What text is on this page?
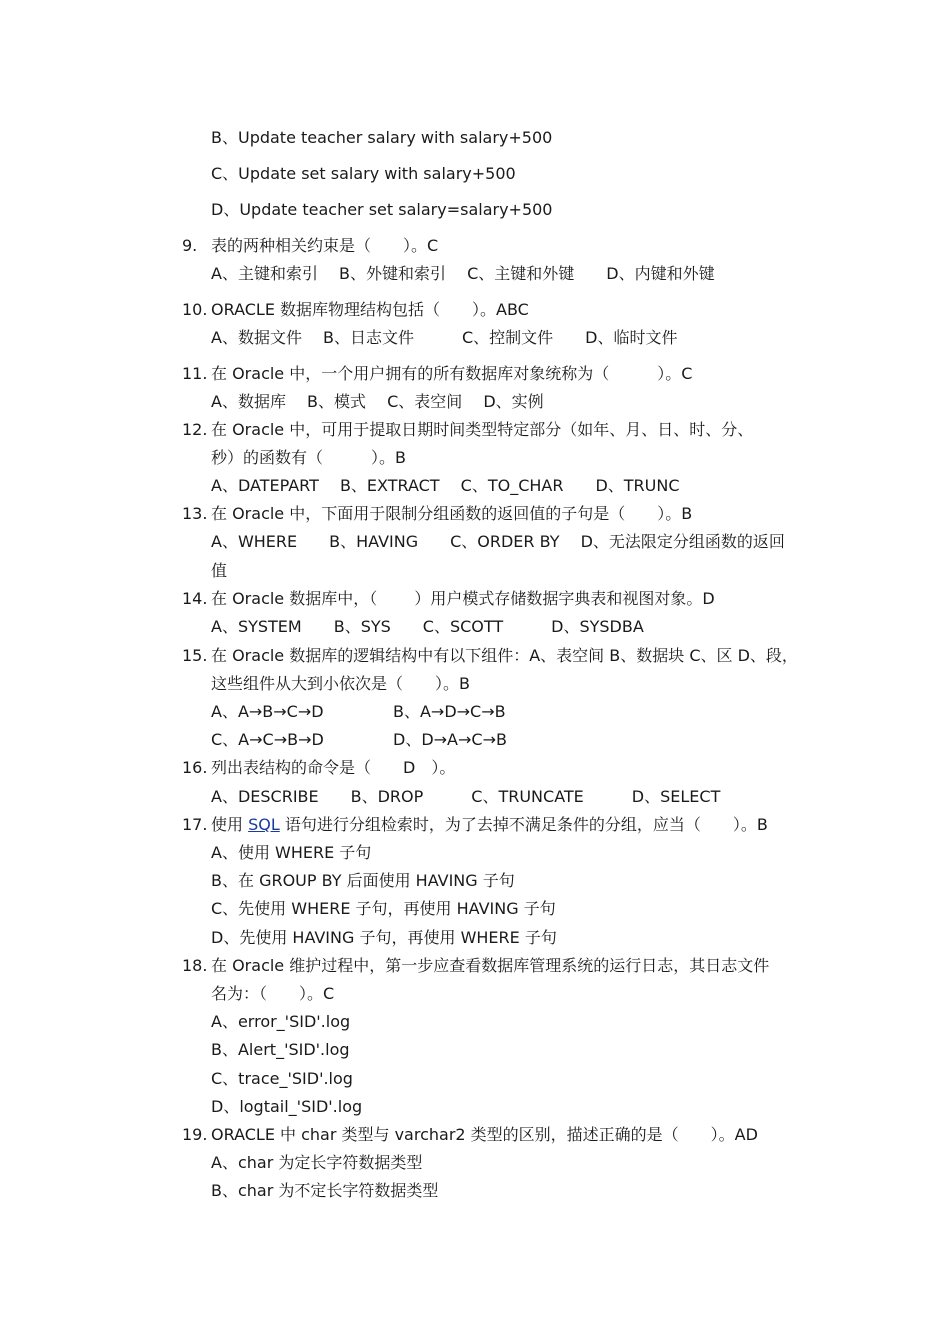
B、Update teacher salary with salary+500
C、Update set salary with salary+500
D、Update teacher set salary=salary+500
9. 表的两种相关约束是（　　）。C
A、主键和索引　 B、外键和索引　 C、主键和外键　　D、内键和外键
10. ORACLE 数据库物理结构包括（　　）。ABC
A、数据文件　 B、日志文件　　　C、控制文件　　D、临时文件
11. 在 Oracle 中，一个用户拥有的所有数据库对象统称为（　　　）。C
A、数据库　 B、模式　 C、表空间　 D、实例
12. 在 Oracle 中，可用于提取日期时间类型特定部分（如年、月、日、时、分、
秒）的函数有（　　　）。B
A、DATEPART　 B、EXTRACT　 C、TO_CHAR　　D、TRUNC
13. 在 Oracle 中，下面用于限制分组函数的返回值的子句是（　　）。B
A、WHERE　　B、HAVING　　C、ORDER BY　 D、无法限定分组函数的返回
值
14. 在 Oracle 数据库中，（　　 ）用户模式存储数据字典表和视图对象。D
A、SYSTEM　　B、SYS　　C、SCOTT　　　D、SYSDBA
15. 在 Oracle 数据库的逻辑结构中有以下组件：A、表空间 B、数据块 C、区 D、段，
这些组件从大到小依次是（　　）。B
A、A→B→C→D	B、A→D→C→B
C、A→C→B→D	D、D→A→C→B
16. 列出表结构的命令是（　　D　）。
A、DESCRIBE　　B、DROP　　　C、TRUNCATE　　　D、SELECT
17. 使用 SQL 语句进行分组检索时，为了去掉不满足条件的分组，应当（　　）。B
A、使用 WHERE 子句
B、在 GROUP BY 后面使用 HAVING 子句
C、先使用 WHERE 子句，再使用 HAVING 子句
D、先使用 HAVING 子句，再使用 WHERE 子句
18. 在 Oracle 维护过程中，第一步应查看数据库管理系统的运行日志，其日志文件
名为：（　　）。C
A、error_'SID'.log
B、Alert_'SID'.log
C、trace_'SID'.log
D、logtail_'SID'.log
19. ORACLE 中 char 类型与 varchar2 类型的区别，描述正确的是（　　）。AD
A、char 为定长字符数据类型
B、char 为不定长字符数据类型
